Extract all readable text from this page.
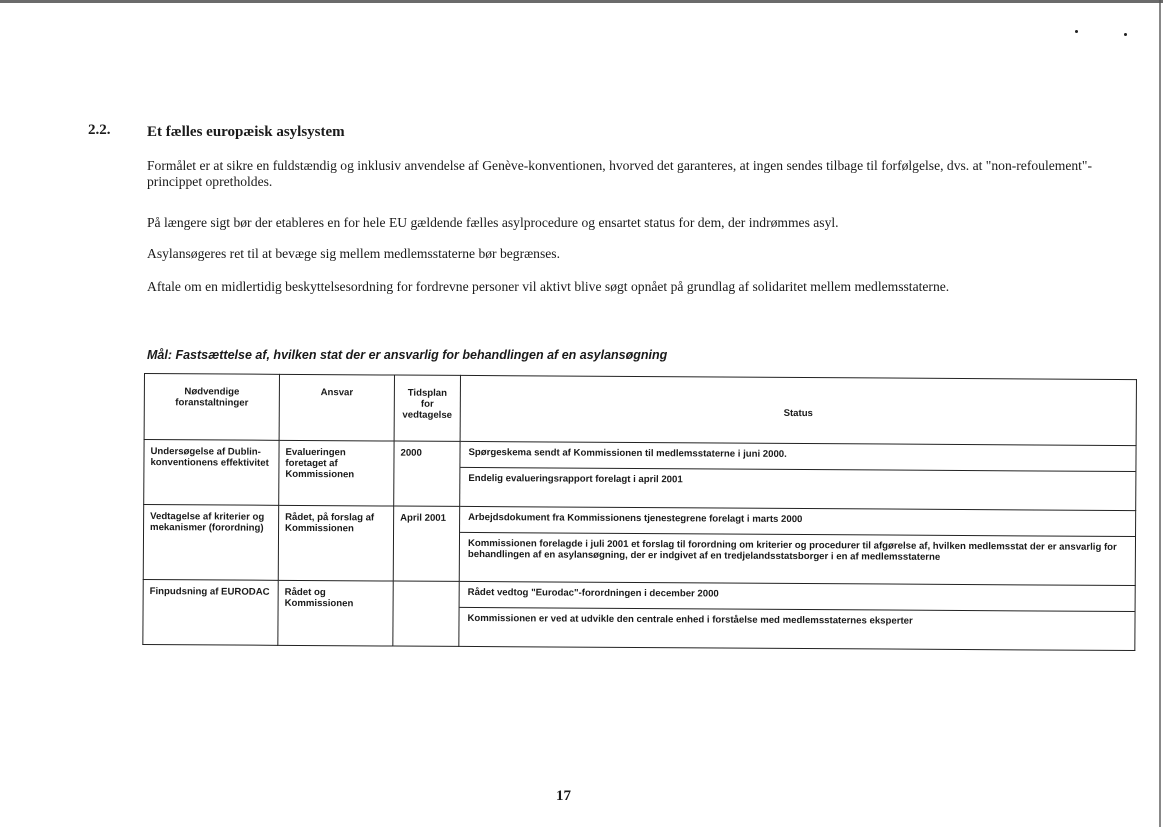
2.2. Et fælles europæisk asylsystem
Formålet er at sikre en fuldstændig og inklusiv anvendelse af Genève-konventionen, hvorved det garanteres, at ingen sendes tilbage til forfølgelse, dvs. at "non-refoulement"-princippet opretholdes.
På længere sigt bør der etableres en for hele EU gældende fælles asylprocedure og ensartet status for dem, der indrømmes asyl.
Asylansøgeres ret til at bevæge sig mellem medlemsstaterne bør begrænses.
Aftale om en midlertidig beskyttelsesordning for fordrevne personer vil aktivt blive søgt opnået på grundlag af solidaritet mellem medlemsstaterne.
Mål: Fastsættelse af, hvilken stat der er ansvarlig for behandlingen af en asylansøgning
Nødvendige foranstaltninger	Ansvar	Tidsplan for vedtagelse	Status
Undersøgelse af Dublin-konventionens effektivitet	Evalueringen foretaget af Kommissionen	2000	Spørgeskema sendt af Kommissionen til medlemsstaterne i juni 2000.
Endelig evalueringsrapport forelagt i april 2001

Vedtagelse af kriterier og mekanismer (forordning)	Rådet, på forslag af Kommissionen	April 2001	Arbejdsdokument fra Kommissionens tjenestegrene forelagt i marts 2000
Kommissionen forelagde i juli 2001 et forslag til forordning om kriterier og procedurer til afgørelse af, hvilken medlemsstat der er ansvarlig for behandlingen af en asylansøgning, der er indgivet af en tredjelandsstatsborger i en af medlemsstaterne

Finpudsning af EURODAC	Rådet og Kommissionen		Rådet vedtog "Eurodac"-forordningen i december 2000
Kommissionen er ved at udvikle den centrale enhed i forståelse med medlemsstaternes eksperter
17
